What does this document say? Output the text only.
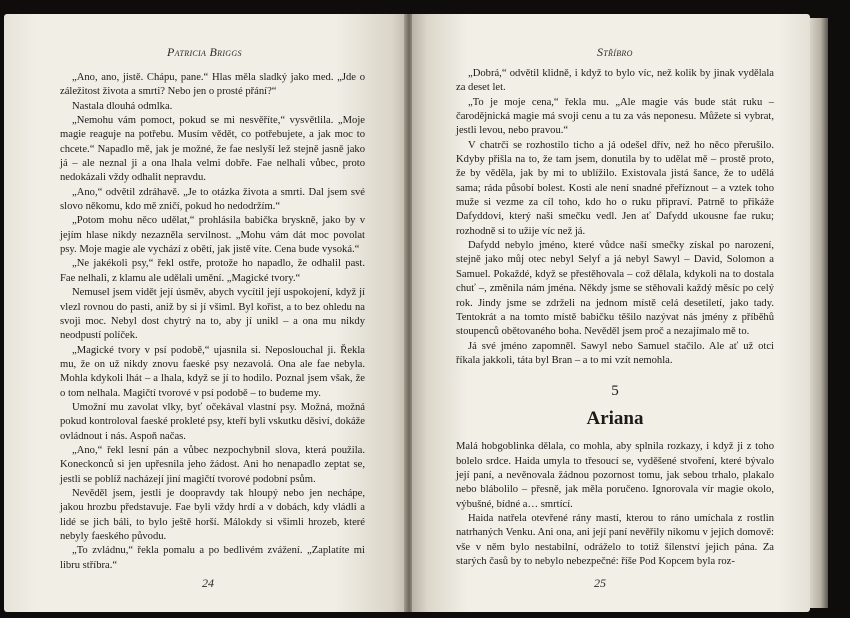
Patricia Briggs

„Ano, ano, jistě. Chápu, pane.“ Hlas měla sladký jako med. „Jde o záležitost života a smrti? Nebo jen o prosté přání?“

Nastala dlouhá odmlka.

„Nemohu vám pomoct, pokud se mi nesvěříte,“ vysvětlila. „Moje magie reaguje na potřebu. Musím vědět, co potřebujete, a jak moc to chcete.“ Napadlo mě, jak je možné, že fae neslyší lež stejně jasně jako já – ale neznal ji a ona lhala velmi dobře. Fae nelhali vůbec, proto nedokázali vždy odhalit nepravdu.

„Ano,“ odvětil zdráhavě. „Je to otázka života a smrti. Dal jsem své slovo někomu, kdo mě zničí, pokud ho nedodržím.“

„Potom mohu něco udělat,“ prohlásila babička bryskně, jako by v jejím hlase nikdy nezazněla servilnost. „Mohu vám dát moc povolat psy. Moje magie ale vychází z obětí, jak jistě víte. Cena bude vysoká.“

„Ne jakékoli psy,“ řekl ostře, protože ho napadlo, že odhalil past. Fae nelhali, z klamu ale udělali umění. „Magické tvory.“

Nemusel jsem vidět její úsměv, abych vycítil její uspokojení, když jí vlezl rovnou do pasti, aniž by si jí všiml. Byl kořist, a to bez ohledu na svoji moc. Nebyl dost chytrý na to, aby jí unikl – a ona mu nikdy neodpustí políček.

„Magické tvory v psí podobě,“ ujasnila si. Neposlouchal ji. Řekla mu, že on už nikdy znovu faeské psy nezavolá. Ona ale fae nebyla. Mohla kdykoli lhát – a lhala, když se jí to hodilo. Poznal jsem však, že o tom nelhala. Magičtí tvorové v psí podobě – to budeme my.

Umožní mu zavolat vlky, byť očekával vlastní psy. Možná, možná pokud kontroloval faeské prokleté psy, kteří byli vskutku děsiví, dokáže ovládnout i nás. Aspoň načas.

„Ano,“ řekl lesní pán a vůbec nezpochybnil slova, která použila. Koneckonců si jen upřesnila jeho žádost. Ani ho nenapadlo zeptat se, jestli se poblíž nacházejí jiní magičtí tvorové podobní psům.

Nevěděl jsem, jestli je doopravdy tak hloupý nebo jen nechápe, jakou hrozbu představuje. Fae byli vždy hrdí a v dobách, kdy vládli a lidé se jich báli, to bylo ještě horší. Málokdy si všimli hrozeb, které nebyly faeského původu.

„To zvládnu,“ řekla pomalu a po bedlivém zvážení. „Zaplatíte mi libru stříbra.“

24
Stříbro

„Dobrá,“ odvětil klidně, i když to bylo víc, než kolik by jinak vydělala za deset let.

„To je moje cena,“ řekla mu. „Ale magie vás bude stát ruku – čarodějnická magie má svoji cenu a tu za vás neponesu. Můžete si vybrat, jestli levou, nebo pravou.“

V chatrči se rozhostilo ticho a já odešel dřív, než ho něco přerušilo. Kdyby přišla na to, že tam jsem, donutila by to udělat mě – prostě proto, že by věděla, jak by mi to ublížilo. Existovala jistá šance, že to udělá sama; ráda působí bolest. Kosti ale není snadné přeříznout – a vztek toho muže si vezme za cíl toho, kdo ho o ruku připraví. Patrně to přikáže Dafyddovi, který naši smečku vedl. Jen ať Dafydd ukousne fae ruku; rozhodně si to užije víc než já.

Dafydd nebylo jméno, které vůdce naší smečky získal po narození, stejně jako můj otec nebyl Selyf a já nebyl Sawyl – David, Solomon a Samuel. Pokaždé, když se přestěhovala – což dělala, kdykoli na to dostala chuť –, změnila nám jména. Někdy jsme se stěhovali každý měsíc po celý rok. Jindy jsme se zdrželi na jednom místě celá desetiletí, jako tady. Tentokrát a na tomto místě babičku těšilo nazývat nás jmény z příběhů stoupenců obětovaného boha. Nevěděl jsem proč a nezajímalo mě to.

Já své jméno zapomněl. Sawyl nebo Samuel stačilo. Ale ať už otci říkala jakkoli, táta byl Bran – a to mi vzít nemohla.

5
Ariana

Malá hobgoblinka dělala, co mohla, aby splnila rozkazy, i když ji z toho bolelo srdce. Haida umyla to třesoucí se, vyděšené stvoření, které bývalo její paní, a nevěnovala žádnou pozornost tomu, jak sebou trhalo, plakalo nebo blábolilo – přesně, jak měla poručeno. Ignorovala vír magie okolo, výbušné, bídné a… smrtící.

Haida natřela otevřené rány mastí, kterou to ráno umíchala z rostlin natrhaných Venku. Ani ona, ani její paní nevěřily nikomu v jejich domově: vše v něm bylo nestabilní, odráželo to totiž šílenství jejich pána. Za starých časů by to nebylo nebezpečné: říše Pod Kopcem byla roz-

25
